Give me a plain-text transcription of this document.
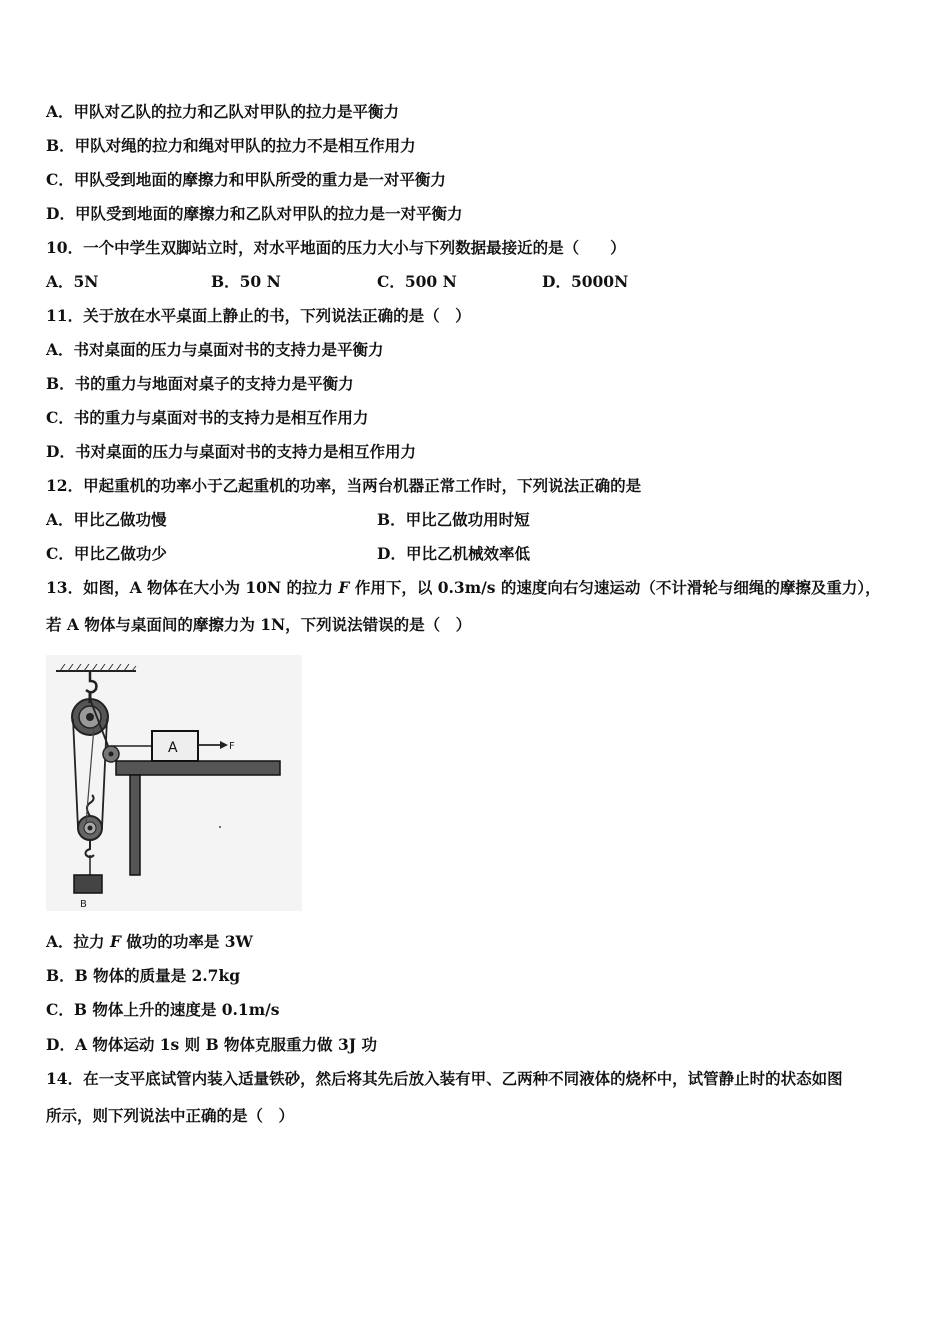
A．甲队对乙队的拉力和乙队对甲队的拉力是平衡力
B．甲队对绳的拉力和绳对甲队的拉力不是相互作用力
C．甲队受到地面的摩擦力和甲队所受的重力是一对平衡力
D．甲队受到地面的摩擦力和乙队对甲队的拉力是一对平衡力
10．一个中学生双脚站立时，对水平地面的压力大小与下列数据最接近的是（　　）
A．5N	B．50 N	C．500 N	D．5000N
11．关于放在水平桌面上静止的书，下列说法正确的是（　）
A．书对桌面的压力与桌面对书的支持力是平衡力
B．书的重力与地面对桌子的支持力是平衡力
C．书的重力与桌面对书的支持力是相互作用力
D．书对桌面的压力与桌面对书的支持力是相互作用力
12．甲起重机的功率小于乙起重机的功率，当两台机器正常工作时，下列说法正确的是
A．甲比乙做功慢	B．甲比乙做功用时短
C．甲比乙做功少	D．甲比乙机械效率低
13．如图，A 物体在大小为 10N 的拉力 F 作用下，以 0.3m/s 的速度向右匀速运动（不计滑轮与细绳的摩擦及重力），
若 A 物体与桌面间的摩擦力为 1N，下列说法错误的是（　）
B
A	F
A．拉力 F 做功的功率是 3W
B．B 物体的质量是 2.7kg
C．B 物体上升的速度是 0.1m/s
D．A 物体运动 1s 则 B 物体克服重力做 3J 功
14．在一支平底试管内装入适量铁砂，然后将其先后放入装有甲、乙两种不同液体的烧杯中，试管静止时的状态如图
所示，则下列说法中正确的是（　）
